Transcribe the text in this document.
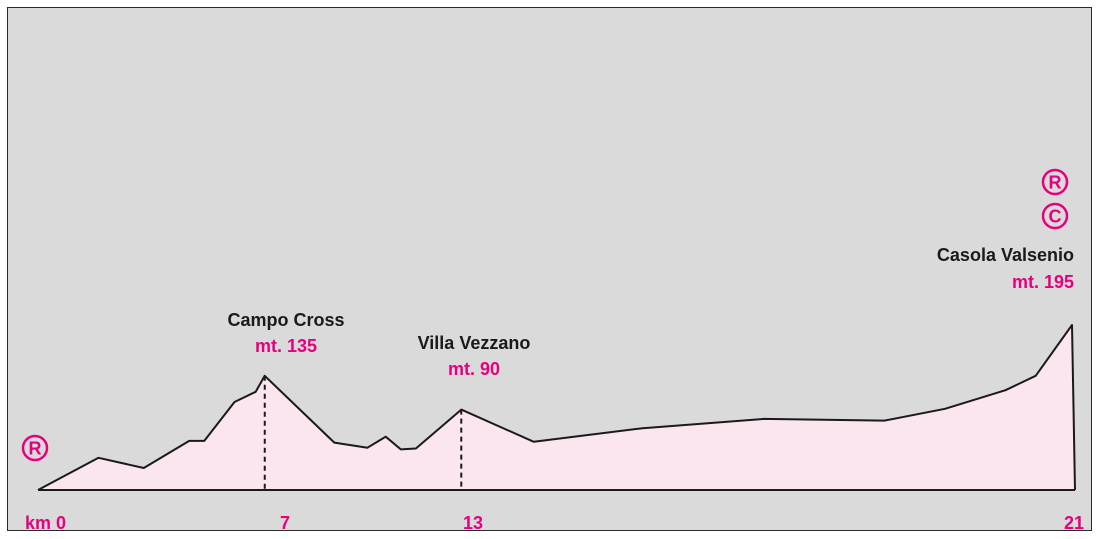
km 0	7	13	21
Campo Cross
mt. 135	Villa Vezzano
mt. 90
Casola Valsenio
mt. 195
R
R
C
